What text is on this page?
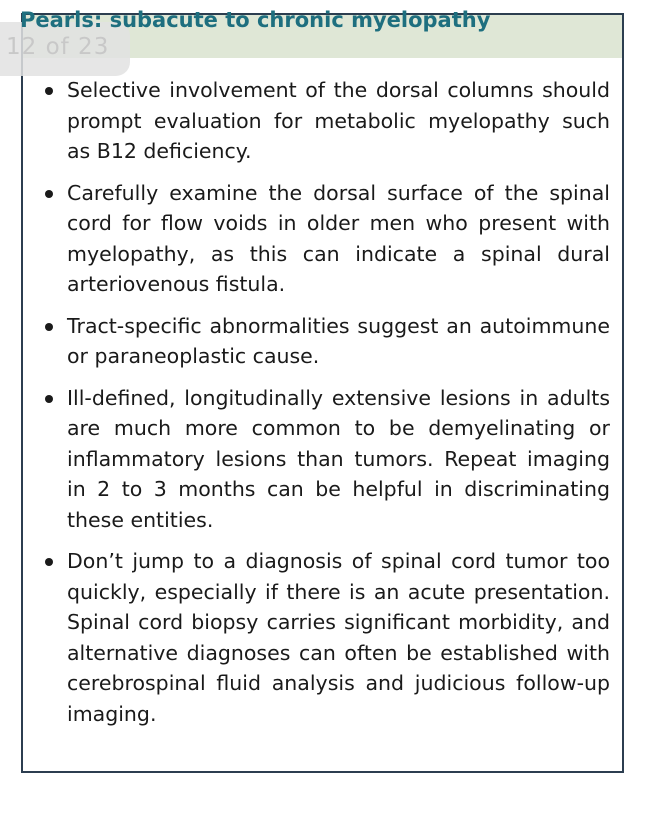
12 of 23
Pearls: subacute to chronic myelopathy
Selective involvement of the dorsal columns should prompt evaluation for metabolic myelopathy such as B12 deficiency.
Carefully examine the dorsal surface of the spinal cord for flow voids in older men who present with myelopathy, as this can indicate a spinal dural arteriovenous fistula.
Tract-specific abnormalities suggest an autoimmune or paraneoplastic cause.
Ill-defined, longitudinally extensive lesions in adults are much more common to be demyelinating or inflammatory lesions than tumors. Repeat imaging in 2 to 3 months can be helpful in discriminating these entities.
Don’t jump to a diagnosis of spinal cord tumor too quickly, especially if there is an acute presentation. Spinal cord biopsy carries significant morbidity, and alternative diagnoses can often be established with cerebrospinal fluid analysis and judicious follow-up imaging.
